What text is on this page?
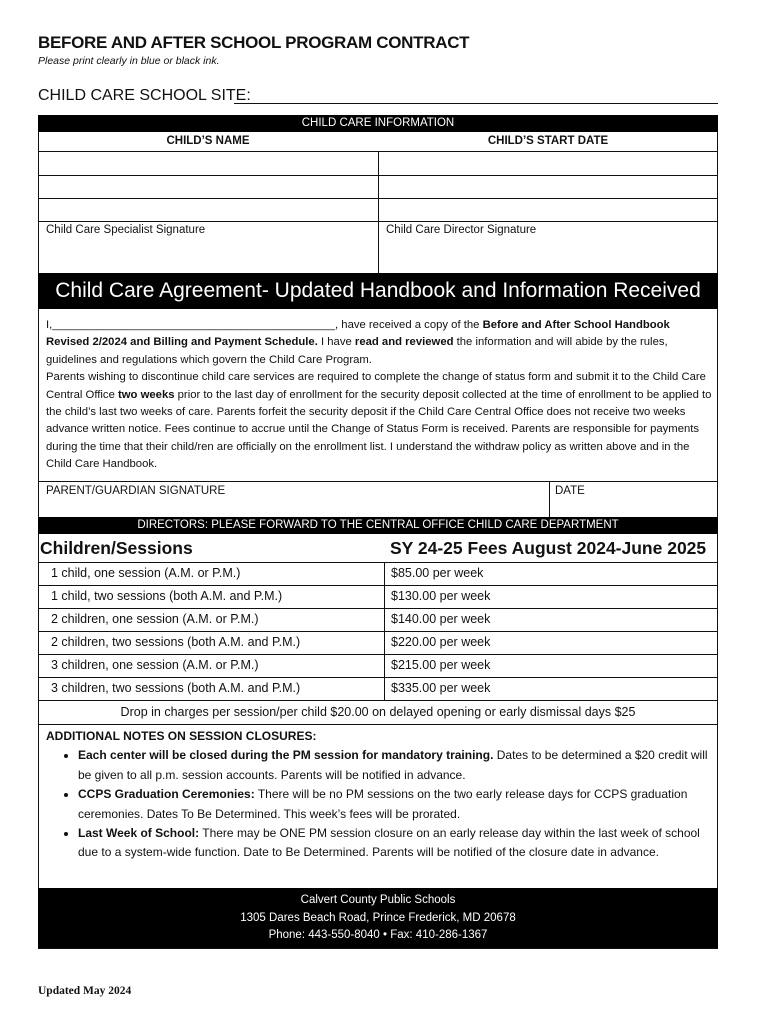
BEFORE AND AFTER SCHOOL PROGRAM CONTRACT
Please print clearly in blue or black ink.
CHILD CARE SCHOOL SITE:
CHILD CARE INFORMATION
CHILD’S NAME	CHILD’S START DATE
Child Care Specialist Signature	Child Care Director Signature
Child Care Agreement- Updated Handbook and Information Received
I,_____________________________________________, have received a copy of the Before and After School Handbook Revised 2/2024 and Billing and Payment Schedule. I have read and reviewed the information and will abide by the rules, guidelines and regulations which govern the Child Care Program.
Parents wishing to discontinue child care services are required to complete the change of status form and submit it to the Child Care Central Office two weeks prior to the last day of enrollment for the security deposit collected at the time of enrollment to be applied to the child’s last two weeks of care. Parents forfeit the security deposit if the Child Care Central Office does not receive two weeks advance written notice. Fees continue to accrue until the Change of Status Form is received. Parents are responsible for payments during the time that their child/ren are officially on the enrollment list. I understand the withdraw policy as written above and in the Child Care Handbook.
PARENT/GUARDIAN SIGNATURE	DATE
DIRECTORS: PLEASE FORWARD TO THE CENTRAL OFFICE CHILD CARE DEPARTMENT
Children/Sessions	SY 24-25 Fees August 2024-June 2025
1 child, one session (A.M. or P.M.)	$85.00 per week
1 child, two sessions (both A.M. and P.M.)	$130.00 per week
2 children, one session (A.M. or P.M.)	$140.00 per week
2 children, two sessions (both A.M. and P.M.)	$220.00 per week
3 children, one session (A.M. or P.M.)	$215.00 per week
3 children, two sessions (both A.M. and P.M.)	$335.00 per week
Drop in charges per session/per child $20.00 on delayed opening or early dismissal days $25
ADDITIONAL NOTES ON SESSION CLOSURES:
• Each center will be closed during the PM session for mandatory training. Dates to be determined a $20 credit will be given to all p.m. session accounts. Parents will be notified in advance.
• CCPS Graduation Ceremonies: There will be no PM sessions on the two early release days for CCPS graduation ceremonies. Dates To Be Determined. This week’s fees will be prorated.
• Last Week of School: There may be ONE PM session closure on an early release day within the last week of school due to a system-wide function. Date to Be Determined. Parents will be notified of the closure date in advance.
Calvert County Public Schools
1305 Dares Beach Road, Prince Frederick, MD 20678
Phone: 443-550-8040 • Fax: 410-286-1367
Updated May 2024
